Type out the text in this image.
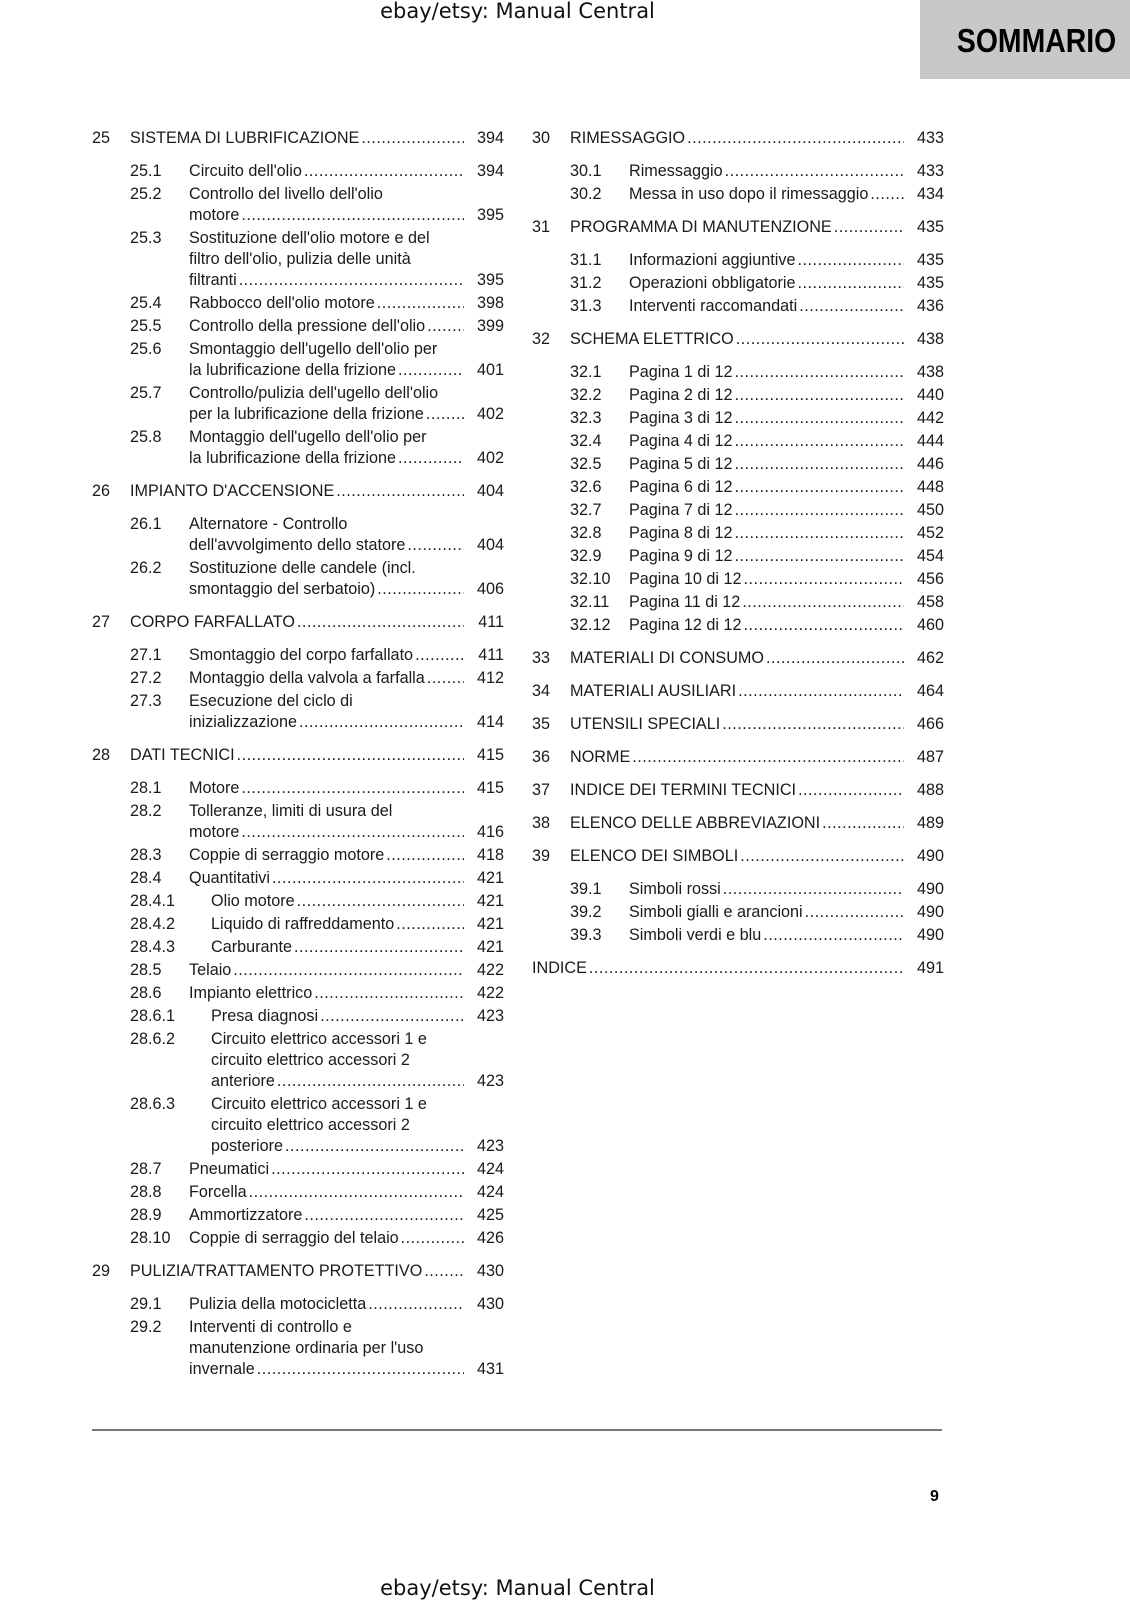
ebay/etsy: Manual Central
SOMMARIO
25 SISTEMA DI LUBRIFICAZIONE .....	394
25.1 Circuito dell'olio .....	394
25.2 Controllo del livello dell'olio
motore .....	395
25.3 Sostituzione dell'olio motore e del
filtro dell'olio, pulizia delle unità
filtranti .....	395
25.4 Rabbocco dell'olio motore .....	398
25.5 Controllo della pressione dell'olio .....	399
25.6 Smontaggio dell'ugello dell'olio per
la lubrificazione della frizione .....	401
25.7 Controllo/pulizia dell'ugello dell'olio
per la lubrificazione della frizione .....	402
25.8 Montaggio dell'ugello dell'olio per
la lubrificazione della frizione .....	402
26 IMPIANTO D'ACCENSIONE .....	404
26.1 Alternatore - Controllo
dell'avvolgimento dello statore .....	404
26.2 Sostituzione delle candele (incl.
smontaggio del serbatoio) .....	406
27 CORPO FARFALLATO .....	411
27.1 Smontaggio del corpo farfallato .....	411
27.2 Montaggio della valvola a farfalla .....	412
27.3 Esecuzione del ciclo di
inizializzazione .....	414
28 DATI TECNICI .....	415
28.1 Motore .....	415
28.2 Tolleranze, limiti di usura del
motore .....	416
28.3 Coppie di serraggio motore .....	418
28.4 Quantitativi .....	421
28.4.1 Olio motore .....	421
28.4.2 Liquido di raffreddamento .....	421
28.4.3 Carburante .....	421
28.5 Telaio .....	422
28.6 Impianto elettrico .....	422
28.6.1 Presa diagnosi .....	423
28.6.2 Circuito elettrico accessori 1 e
circuito elettrico accessori 2
anteriore .....	423
28.6.3 Circuito elettrico accessori 1 e
circuito elettrico accessori 2
posteriore .....	423
28.7 Pneumatici .....	424
28.8 Forcella .....	424
28.9 Ammortizzatore .....	425
28.10 Coppie di serraggio del telaio .....	426
29 PULIZIA/TRATTAMENTO PROTETTIVO .....	430
29.1 Pulizia della motocicletta .....	430
29.2 Interventi di controllo e
manutenzione ordinaria per l'uso
invernale .....	431
30 RIMESSAGGIO .....	433
30.1 Rimessaggio .....	433
30.2 Messa in uso dopo il rimessaggio .....	434
31 PROGRAMMA DI MANUTENZIONE .....	435
31.1 Informazioni aggiuntive .....	435
31.2 Operazioni obbligatorie .....	435
31.3 Interventi raccomandati .....	436
32 SCHEMA ELETTRICO .....	438
32.1 Pagina 1 di 12 .....	438
32.2 Pagina 2 di 12 .....	440
32.3 Pagina 3 di 12 .....	442
32.4 Pagina 4 di 12 .....	444
32.5 Pagina 5 di 12 .....	446
32.6 Pagina 6 di 12 .....	448
32.7 Pagina 7 di 12 .....	450
32.8 Pagina 8 di 12 .....	452
32.9 Pagina 9 di 12 .....	454
32.10 Pagina 10 di 12 .....	456
32.11 Pagina 11 di 12 .....	458
32.12 Pagina 12 di 12 .....	460
33 MATERIALI DI CONSUMO .....	462
34 MATERIALI AUSILIARI .....	464
35 UTENSILI SPECIALI .....	466
36 NORME .....	487
37 INDICE DEI TERMINI TECNICI .....	488
38 ELENCO DELLE ABBREVIAZIONI .....	489
39 ELENCO DEI SIMBOLI .....	490
39.1 Simboli rossi .....	490
39.2 Simboli gialli e arancioni .....	490
39.3 Simboli verdi e blu .....	490
INDICE .....	491
9
ebay/etsy: Manual Central
